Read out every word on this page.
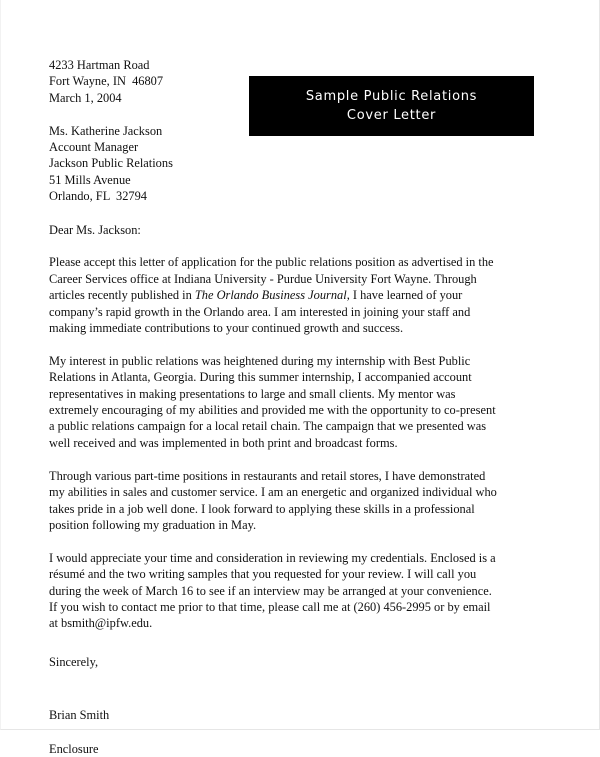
Sample Public Relations
Cover Letter
4233 Hartman Road
Fort Wayne, IN  46807
March 1, 2004
Ms. Katherine Jackson
Account Manager
Jackson Public Relations
51 Mills Avenue
Orlando, FL  32794
Dear Ms. Jackson:

Please accept this letter of application for the public relations position as advertised in the Career Services office at Indiana University - Purdue University Fort Wayne. Through articles recently published in The Orlando Business Journal, I have learned of your company’s rapid growth in the Orlando area. I am interested in joining your staff and making immediate contributions to your continued growth and success.

My interest in public relations was heightened during my internship with Best Public Relations in Atlanta, Georgia. During this summer internship, I accompanied account representatives in making presentations to large and small clients. My mentor was extremely encouraging of my abilities and provided me with the opportunity to co-present a public relations campaign for a local retail chain. The campaign that we presented was well received and was implemented in both print and broadcast forms.

Through various part-time positions in restaurants and retail stores, I have demonstrated my abilities in sales and customer service. I am an energetic and organized individual who takes pride in a job well done. I look forward to applying these skills in a professional position following my graduation in May.

I would appreciate your time and consideration in reviewing my credentials. Enclosed is a résumé and the two writing samples that you requested for your review. I will call you during the week of March 16 to see if an interview may be arranged at your convenience. If you wish to contact me prior to that time, please call me at (260) 456-2995 or by email at bsmith@ipfw.edu.

Sincerely,
Brian Smith
Enclosure
